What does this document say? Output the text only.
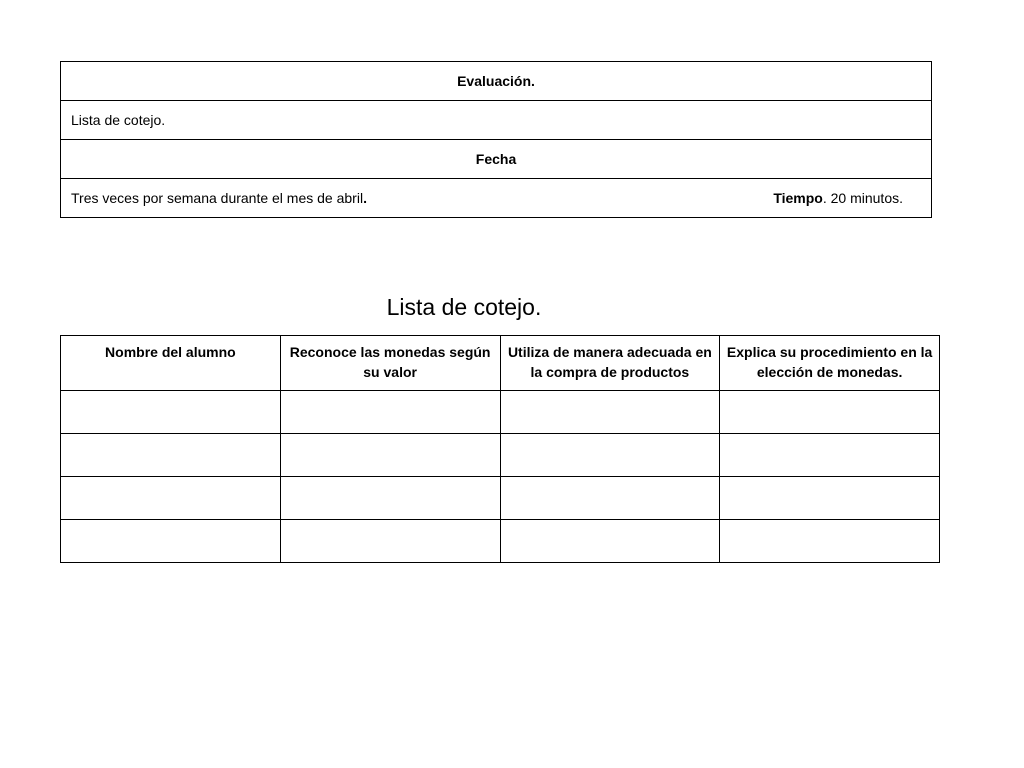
Evaluación.
Lista de cotejo.
Fecha

Tres veces por semana durante el mes de abril.	Tiempo. 20 minutos.
Lista de cotejo.
Nombre del alumno	Reconoce las monedas según su valor	Utiliza de manera adecuada en la compra de productos	Explica su procedimiento en la elección de monedas.
